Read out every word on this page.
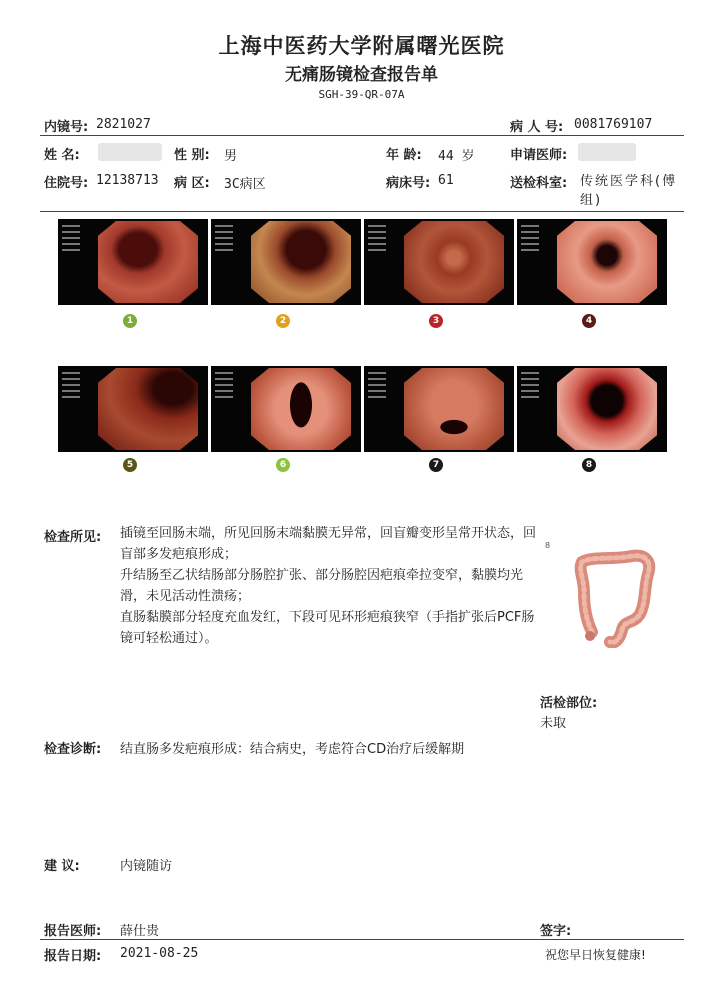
上海中医药大学附属曙光医院
无痛肠镜检查报告单
SGH-39-QR-07A
内镜号: 2821027	病 人 号: 0081769107
姓 名:	性 别: 男	年 龄: 44 岁	申请医师:
住院号: 12138713 病 区: 3C病区	病床号: 61	送检科室: 传统医学科(傅组)
1	2	3	4
5	6	7	8
检查所见: 插镜至回肠末端，所见回肠末端黏膜无异常，回盲瓣变形呈常开状态，回盲部多发疤痕形成；
升结肠至乙状结肠部分肠腔扩张、部分肠腔因疤痕牵拉变窄，黏膜均光滑，未见活动性溃疡；
直肠黏膜部分轻度充血发红，下段可见环形疤痕狭窄（手指扩张后PCF肠镜可轻松通过）。
8
活检部位:
未取
检查诊断: 结直肠多发疤痕形成：结合病史，考虑符合CD治疗后缓解期
建 议:	内镜随访
报告医师: 薛仕贵	签字:
报告日期: 2021-08-25	祝您早日恢复健康!
